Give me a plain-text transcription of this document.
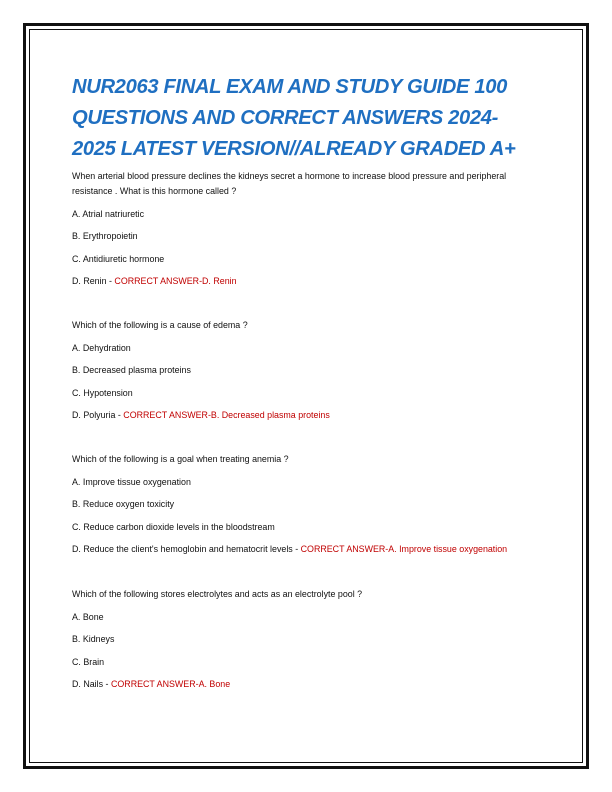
NUR2063 FINAL EXAM AND STUDY GUIDE 100
QUESTIONS AND CORRECT ANSWERS 2024-
2025 LATEST VERSION//ALREADY GRADED A+

When arterial blood pressure declines the kidneys secret a hormone to increase blood pressure and peripheral resistance . What is this hormone called ?

A. Atrial natriuretic

B. Erythropoietin

C. Antidiuretic hormone

D. Renin - CORRECT ANSWER-D. Renin

Which of the following is a cause of edema ?

A. Dehydration

B. Decreased plasma proteins

C. Hypotension

D. Polyuria - CORRECT ANSWER-B. Decreased plasma proteins

Which of the following is a goal when treating anemia ?

A. Improve tissue oxygenation

B. Reduce oxygen toxicity

C. Reduce carbon dioxide levels in the bloodstream

D. Reduce the client's hemoglobin and hematocrit levels - CORRECT ANSWER-A. Improve tissue oxygenation

Which of the following stores electrolytes and acts as an electrolyte pool ?

A. Bone

B. Kidneys

C. Brain

D. Nails - CORRECT ANSWER-A. Bone
